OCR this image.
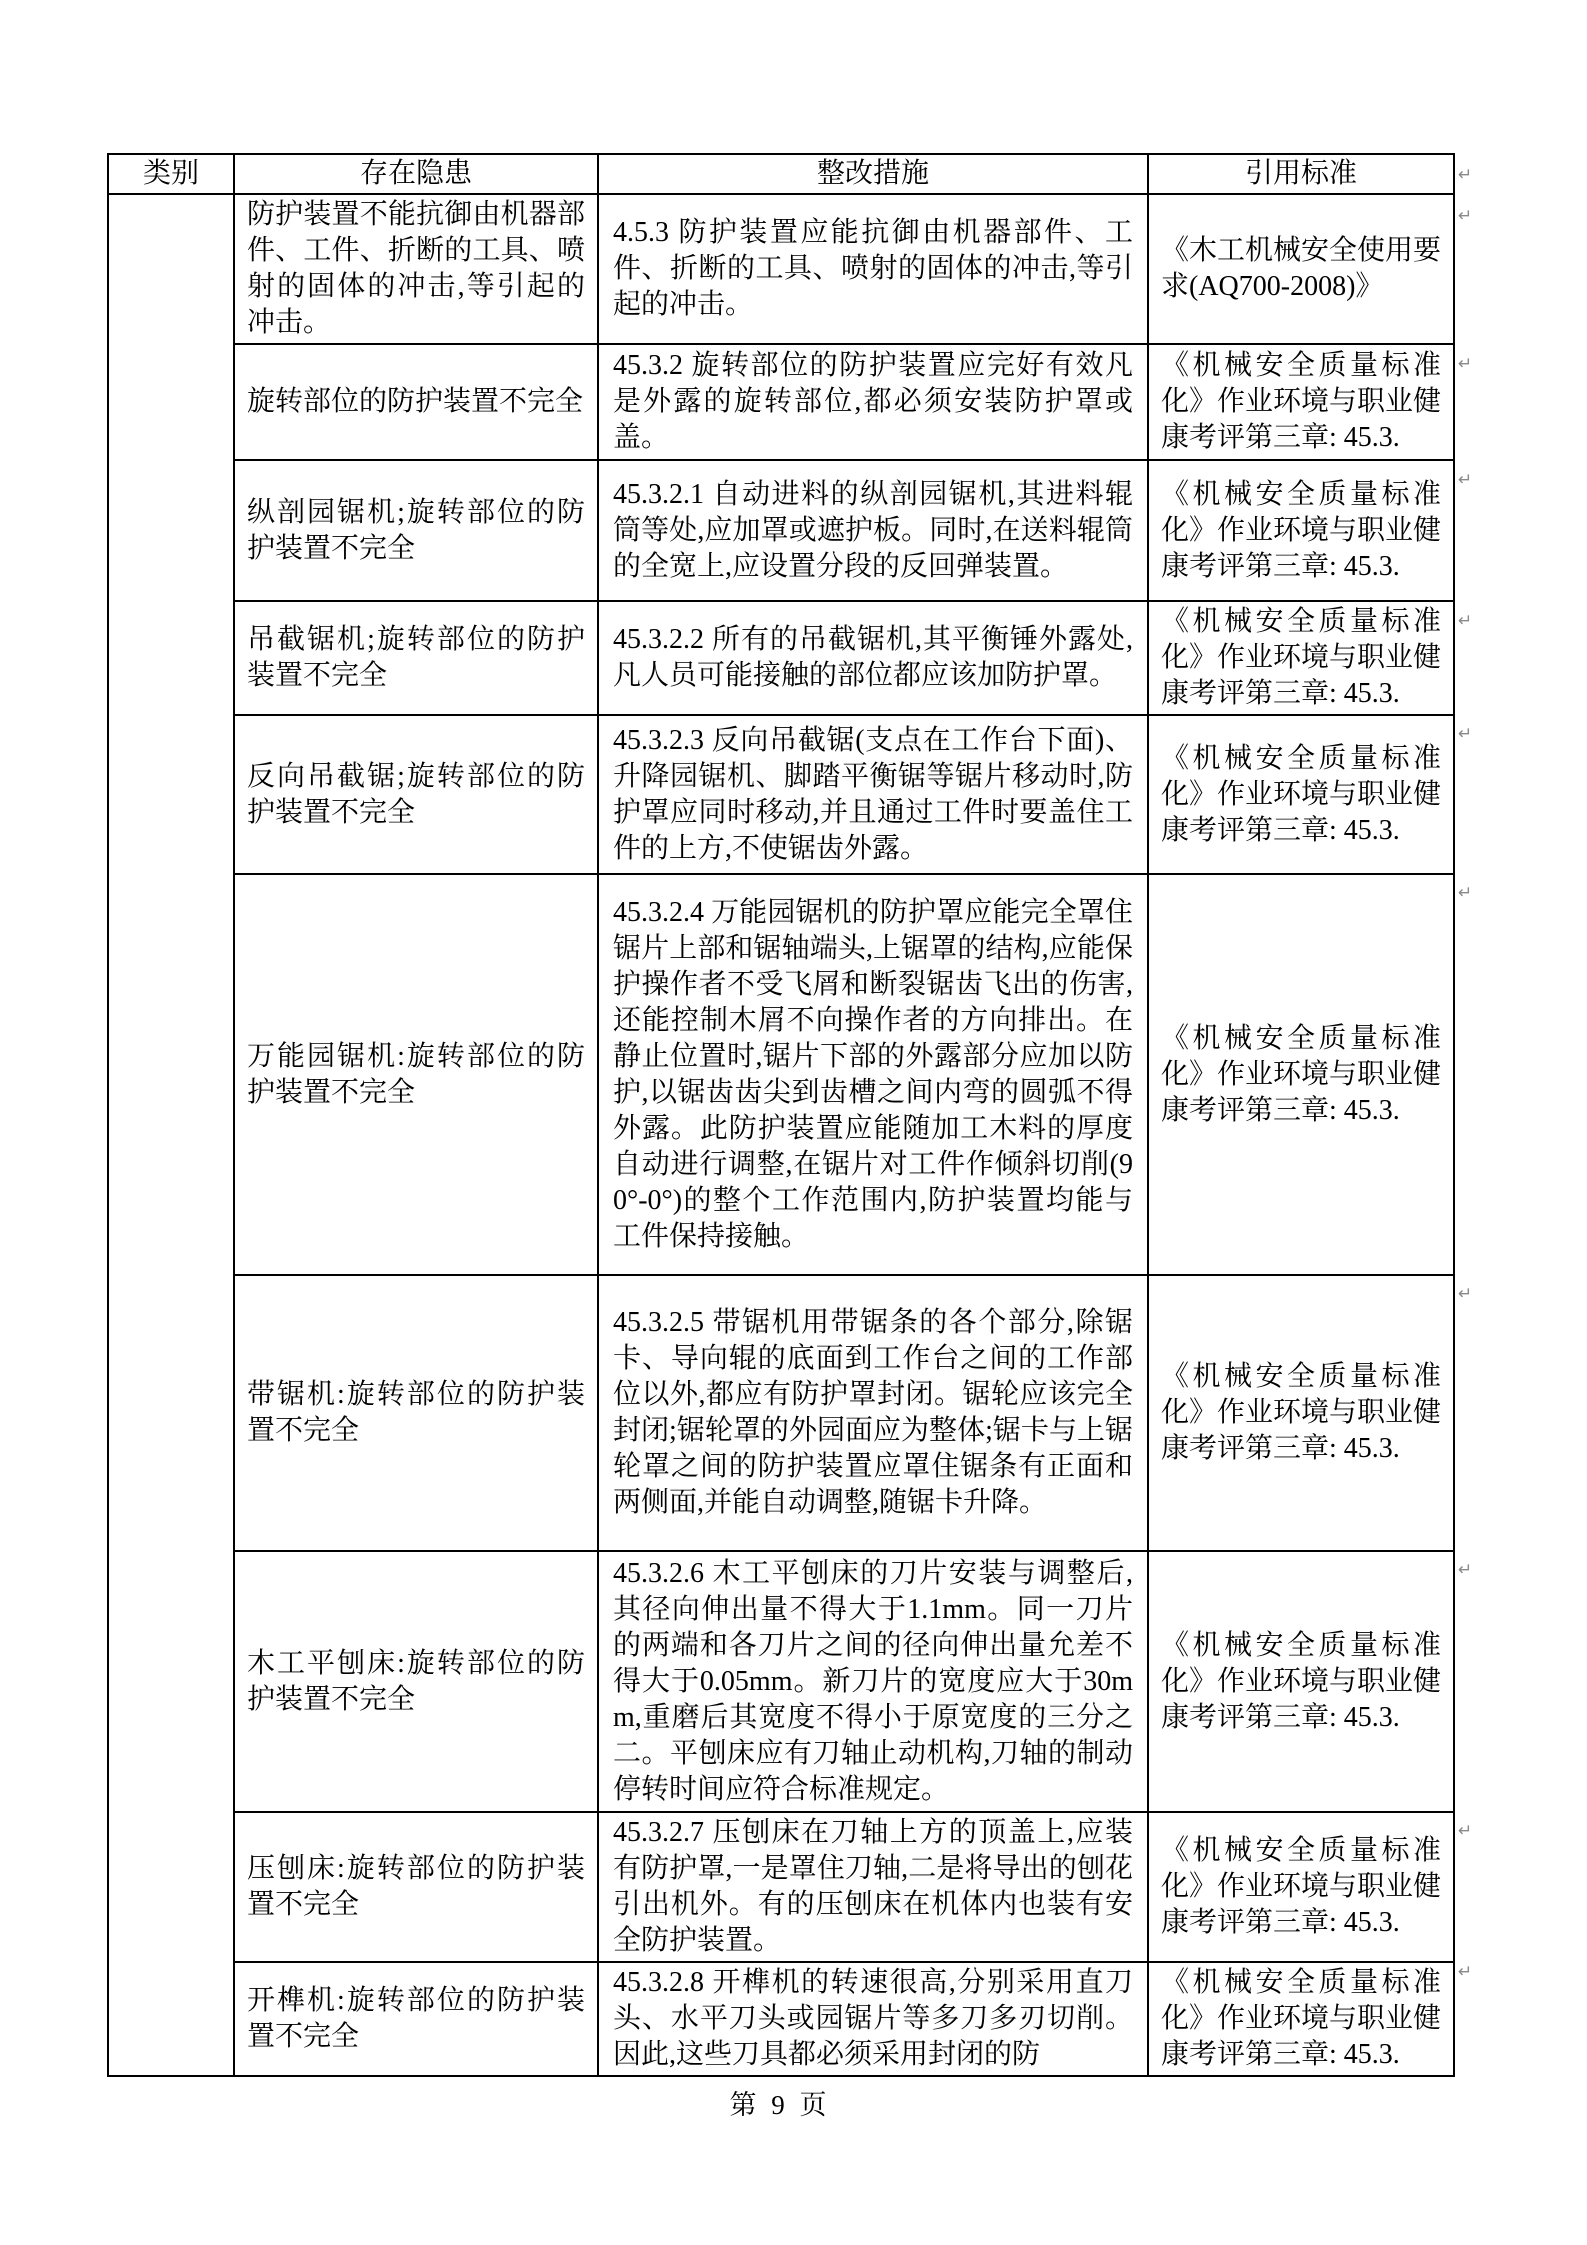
类别	存在隐患	整改措施	引用标准
	防护装置不能抗御由机器部件、工件、折断的工具、喷射的固体的冲击,等引起的冲击。	4.5.3 防护装置应能抗御由机器部件、工件、折断的工具、喷射的固体的冲击,等引起的冲击。	《木工机械安全使用要求(AQ700-2008)》
	旋转部位的防护装置不完全	45.3.2 旋转部位的防护装置应完好有效凡是外露的旋转部位,都必须安装防护罩或盖。	《机械安全质量标准化》作业环境与职业健康考评第三章: 45.3.
	纵剖园锯机;旋转部位的防护装置不完全	45.3.2.1 自动进料的纵剖园锯机,其进料辊筒等处,应加罩或遮护板。同时,在送料辊筒的全宽上,应设置分段的反回弹装置。	《机械安全质量标准化》作业环境与职业健康考评第三章: 45.3.
	吊截锯机;旋转部位的防护装置不完全	45.3.2.2 所有的吊截锯机,其平衡锤外露处,凡人员可能接触的部位都应该加防护罩。	《机械安全质量标准化》作业环境与职业健康考评第三章: 45.3.
	反向吊截锯;旋转部位的防护装置不完全	45.3.2.3 反向吊截锯(支点在工作台下面)、升降园锯机、脚踏平衡锯等锯片移动时,防护罩应同时移动,并且通过工件时要盖住工件的上方,不使锯齿外露。	《机械安全质量标准化》作业环境与职业健康考评第三章: 45.3.
	万能园锯机:旋转部位的防护装置不完全	45.3.2.4 万能园锯机的防护罩应能完全罩住锯片上部和锯轴端头,上锯罩的结构,应能保护操作者不受飞屑和断裂锯齿飞出的伤害,还能控制木屑不向操作者的方向排出。在静止位置时,锯片下部的外露部分应加以防护,以锯齿齿尖到齿槽之间内弯的圆弧不得外露。此防护装置应能随加工木料的厚度自动进行调整,在锯片对工件作倾斜切削(90°-0°)的整个工作范围内,防护装置均能与工件保持接触。	《机械安全质量标准化》作业环境与职业健康考评第三章: 45.3.
	带锯机:旋转部位的防护装置不完全	45.3.2.5 带锯机用带锯条的各个部分,除锯卡、导向辊的底面到工作台之间的工作部位以外,都应有防护罩封闭。锯轮应该完全封闭;锯轮罩的外园面应为整体;锯卡与上锯轮罩之间的防护装置应罩住锯条有正面和两侧面,并能自动调整,随锯卡升降。	《机械安全质量标准化》作业环境与职业健康考评第三章: 45.3.
	木工平刨床:旋转部位的防护装置不完全	45.3.2.6 木工平刨床的刀片安装与调整后,其径向伸出量不得大于1.1mm。同一刀片的两端和各刀片之间的径向伸出量允差不得大于0.05mm。新刀片的宽度应大于30mm,重磨后其宽度不得小于原宽度的三分之二。平刨床应有刀轴止动机构,刀轴的制动停转时间应符合标准规定。	《机械安全质量标准化》作业环境与职业健康考评第三章: 45.3.
	压刨床:旋转部位的防护装置不完全	45.3.2.7 压刨床在刀轴上方的顶盖上,应装有防护罩,一是罩住刀轴,二是将导出的刨花引出机外。有的压刨床在机体内也装有安全防护装置。	《机械安全质量标准化》作业环境与职业健康考评第三章: 45.3.
	开榫机:旋转部位的防护装置不完全	45.3.2.8 开榫机的转速很高,分别采用直刀头、水平刀头或园锯片等多刀多刃切削。因此,这些刀具都必须采用封闭的防	《机械安全质量标准化》作业环境与职业健康考评第三章: 45.3.
↵
↵
↵
↵
↵
↵
↵
↵
↵
↵
↵
第 9 页
